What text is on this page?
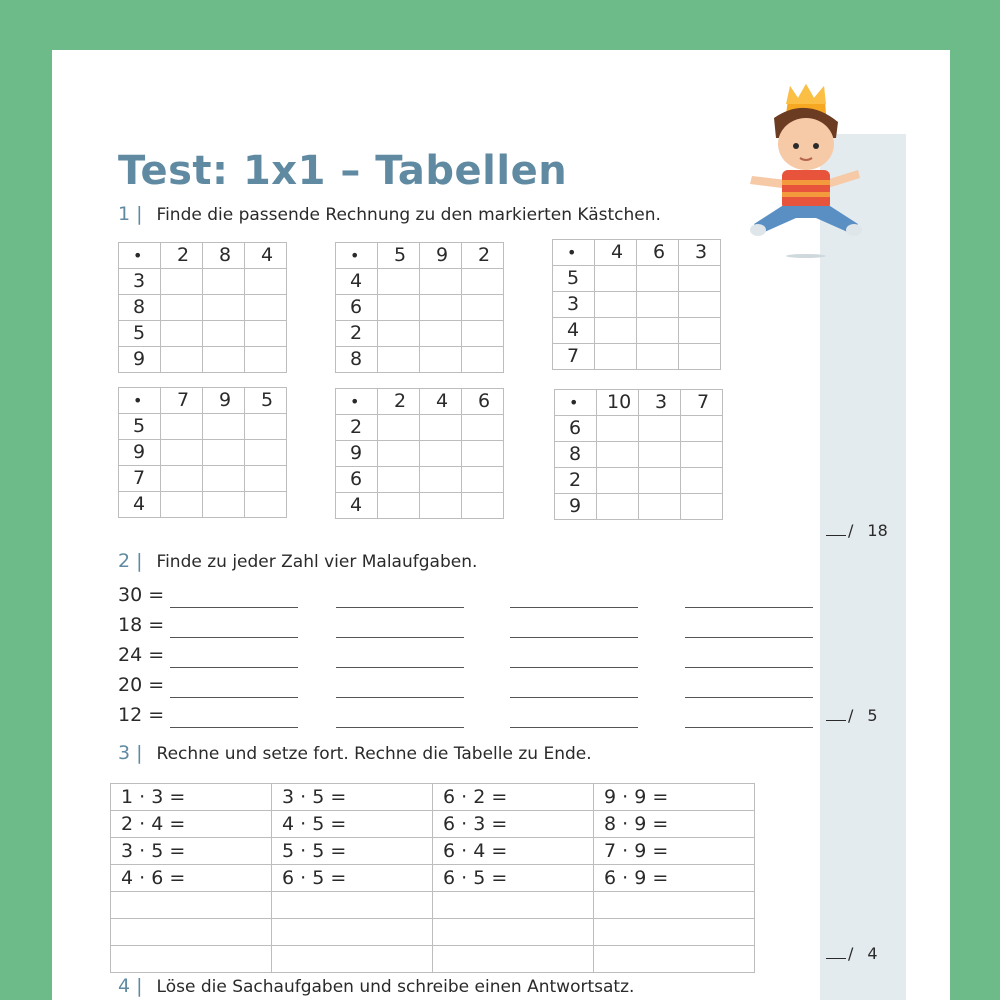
Test: 1x1 – Tabellen
1 | Finde die passende Rechnung zu den markierten Kästchen.
•	2	8	4
3			
8			
5			
9			
•	5	9	2
4			
6			
2			
8			
•	4	6	3
5			
3			
4			
7			
•	7	9	5
5			
9			
7			
4			
•	2	4	6
2			
9			
6			
4			
•	10	3	7
6			
8			
2			
9			
/ 18
2 | Finde zu jeder Zahl vier Malaufgaben.
30 =
18 =
24 =
20 =
12 =	/ 5
3 | Rechne und setze fort. Rechne die Tabelle zu Ende.
1 · 3 =	3 · 5 =	6 · 2 =	9 · 9 =
2 · 4 =	4 · 5 =	6 · 3 =	8 · 9 =
3 · 5 =	5 · 5 =	6 · 4 =	7 · 9 =
4 · 6 =	6 · 5 =	6 · 5 =	6 · 9 =

/ 4
4 | Löse die Sachaufgaben und schreibe einen Antwortsatz.
